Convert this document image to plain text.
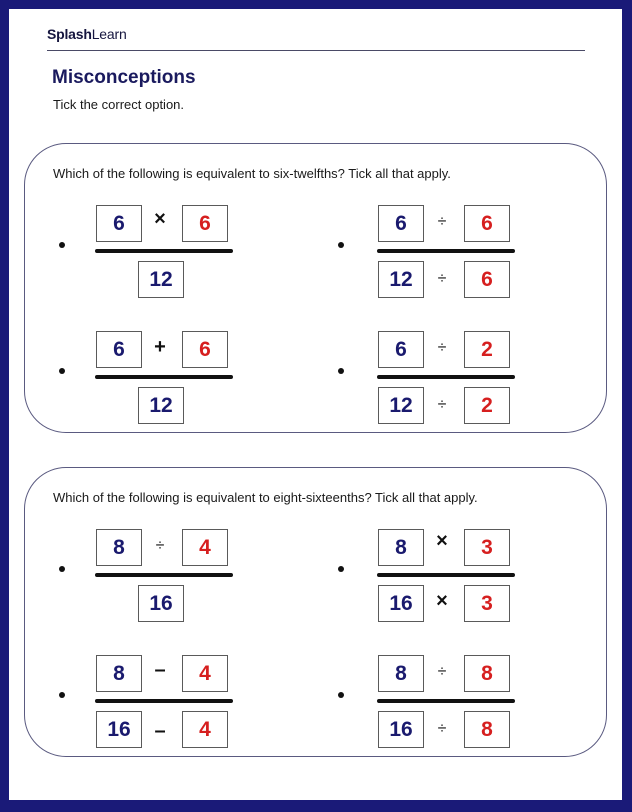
SplashLearn
Misconceptions
Tick the correct option.
Which of the following is equivalent to six-twelfths? Tick all that apply.
6	×	6
12
6	÷	6
12	÷	6
6	+	6
12
6	÷	2
12	÷	2
Which of the following is equivalent to eight-sixteenths? Tick all that apply.
8	÷	4
16
8	×	3
16	×	3
8	–	4
16	–	4
8	÷	8
16	÷	8
